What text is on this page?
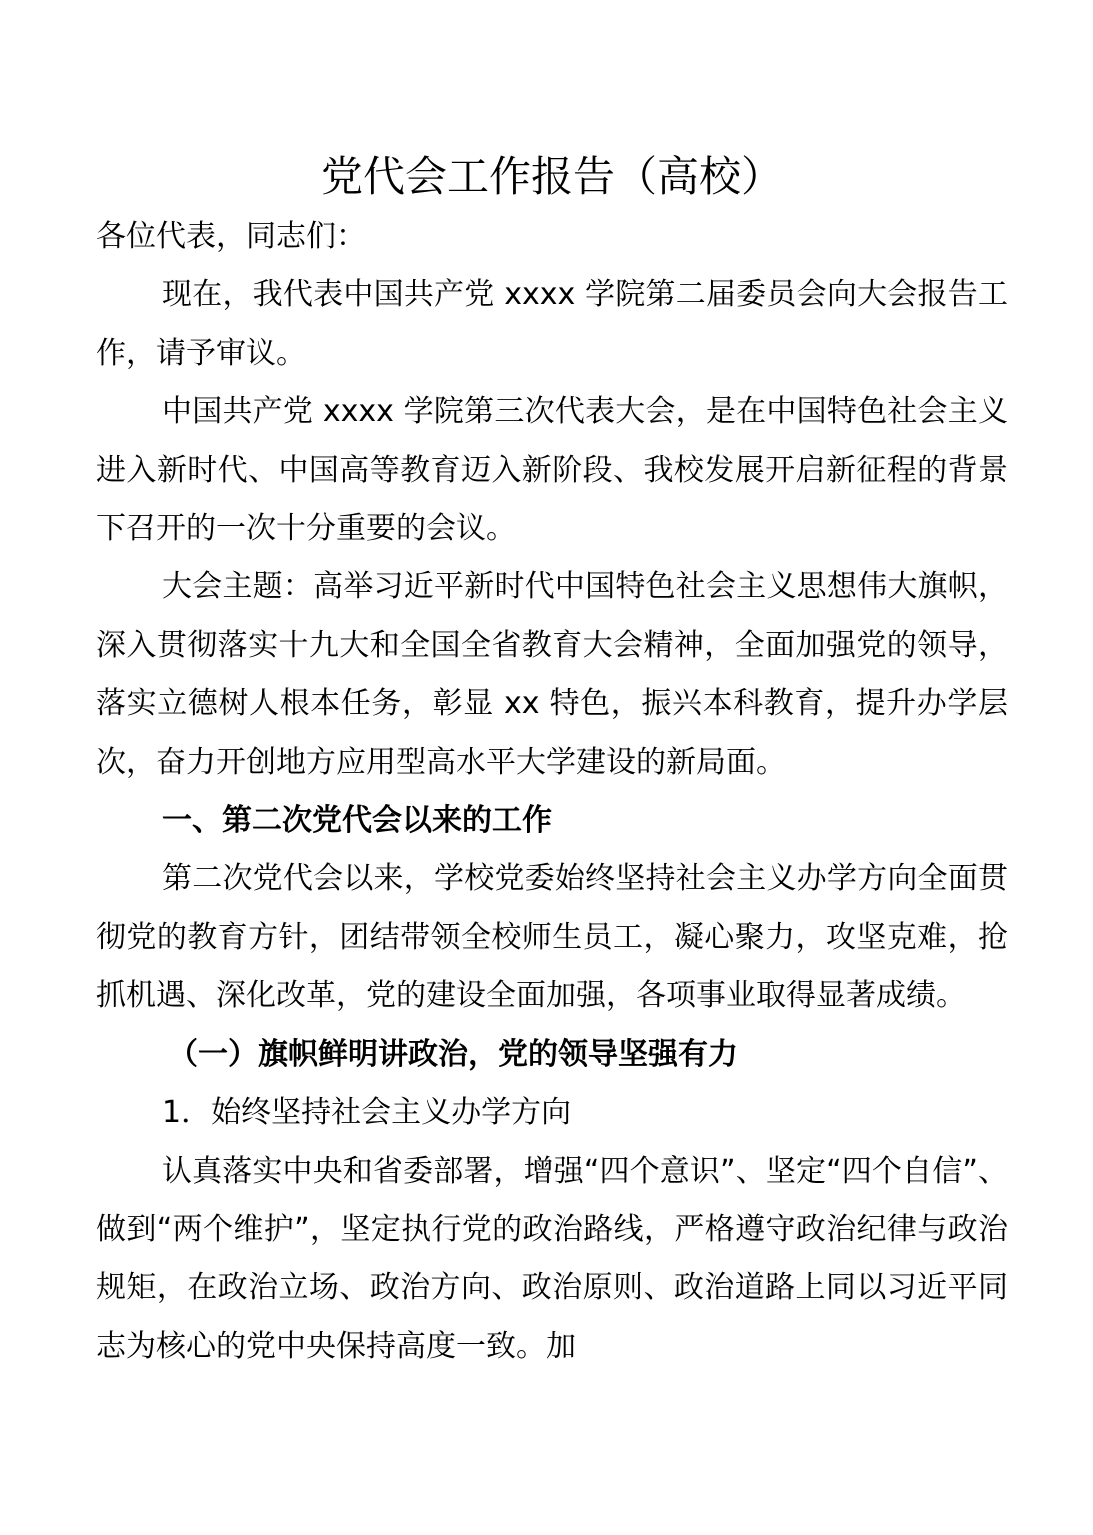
党代会工作报告（高校）

各位代表，同志们：

现在，我代表中国共产党 xxxx 学院第二届委员会向大会报告工作，请予审议。

中国共产党 xxxx 学院第三次代表大会，是在中国特色社会主义进入新时代、中国高等教育迈入新阶段、我校发展开启新征程的背景下召开的一次十分重要的会议。

大会主题：高举习近平新时代中国特色社会主义思想伟大旗帜，深入贯彻落实十九大和全国全省教育大会精神，全面加强党的领导，落实立德树人根本任务，彰显 xx 特色，振兴本科教育，提升办学层次，奋力开创地方应用型高水平大学建设的新局面。

一、第二次党代会以来的工作

第二次党代会以来，学校党委始终坚持社会主义办学方向全面贯彻党的教育方针，团结带领全校师生员工，凝心聚力，攻坚克难，抢抓机遇、深化改革，党的建设全面加强，各项事业取得显著成绩。

（一）旗帜鲜明讲政治，党的领导坚强有力

1．始终坚持社会主义办学方向

认真落实中央和省委部署，增强“四个意识”、坚定“四个自信”、做到“两个维护”，坚定执行党的政治路线，严格遵守政治纪律与政治规矩，在政治立场、政治方向、政治原则、政治道路上同以习近平同志为核心的党中央保持高度一致。加
